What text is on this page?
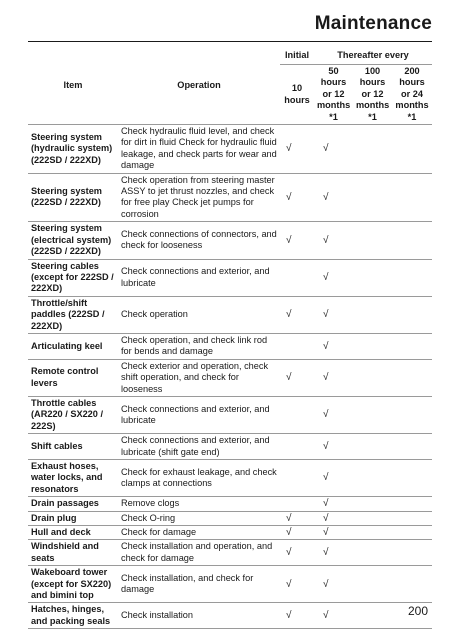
Maintenance
Item	Operation	Initial	Thereafter every		
		10 hours	50 hours or 12 months *1	100 hours or 12 months *1	200 hours or 24 months *1
Steering system (hydraulic system) (222SD / 222XD)	Check hydraulic fluid level, and check for dirt in fluid Check for hydraulic fluid leakage, and check parts for wear and damage	√	√		
Steering system (222SD / 222XD)	Check operation from steering master ASSY to jet thrust nozzles, and check for free play Check jet pumps for corrosion	√	√		
Steering system (electrical system) (222SD / 222XD)	Check connections of connectors, and check for looseness	√	√		
Steering cables (except for 222SD / 222XD)	Check connections and exterior, and lubricate		√		
Throttle/shift paddles (222SD / 222XD)	Check operation	√	√		
Articulating keel	Check operation, and check link rod for bends and damage		√		
Remote control levers	Check exterior and operation, check shift operation, and check for looseness	√	√		
Throttle cables (AR220 / SX220 / 222S)	Check connections and exterior, and lubricate		√		
Shift cables	Check connections and exterior, and lubricate (shift gate end)		√		
Exhaust hoses, water locks, and resonators	Check for exhaust leakage, and check clamps at connections		√		
Drain passages	Remove clogs		√		
Drain plug	Check O-ring	√	√		
Hull and deck	Check for damage	√	√		
Windshield and seats	Check installation and operation, and check for damage	√	√		
Wakeboard tower (except for SX220) and bimini top	Check installation, and check for damage	√	√		
Hatches, hinges, and packing seals	Check installation	√	√			200
